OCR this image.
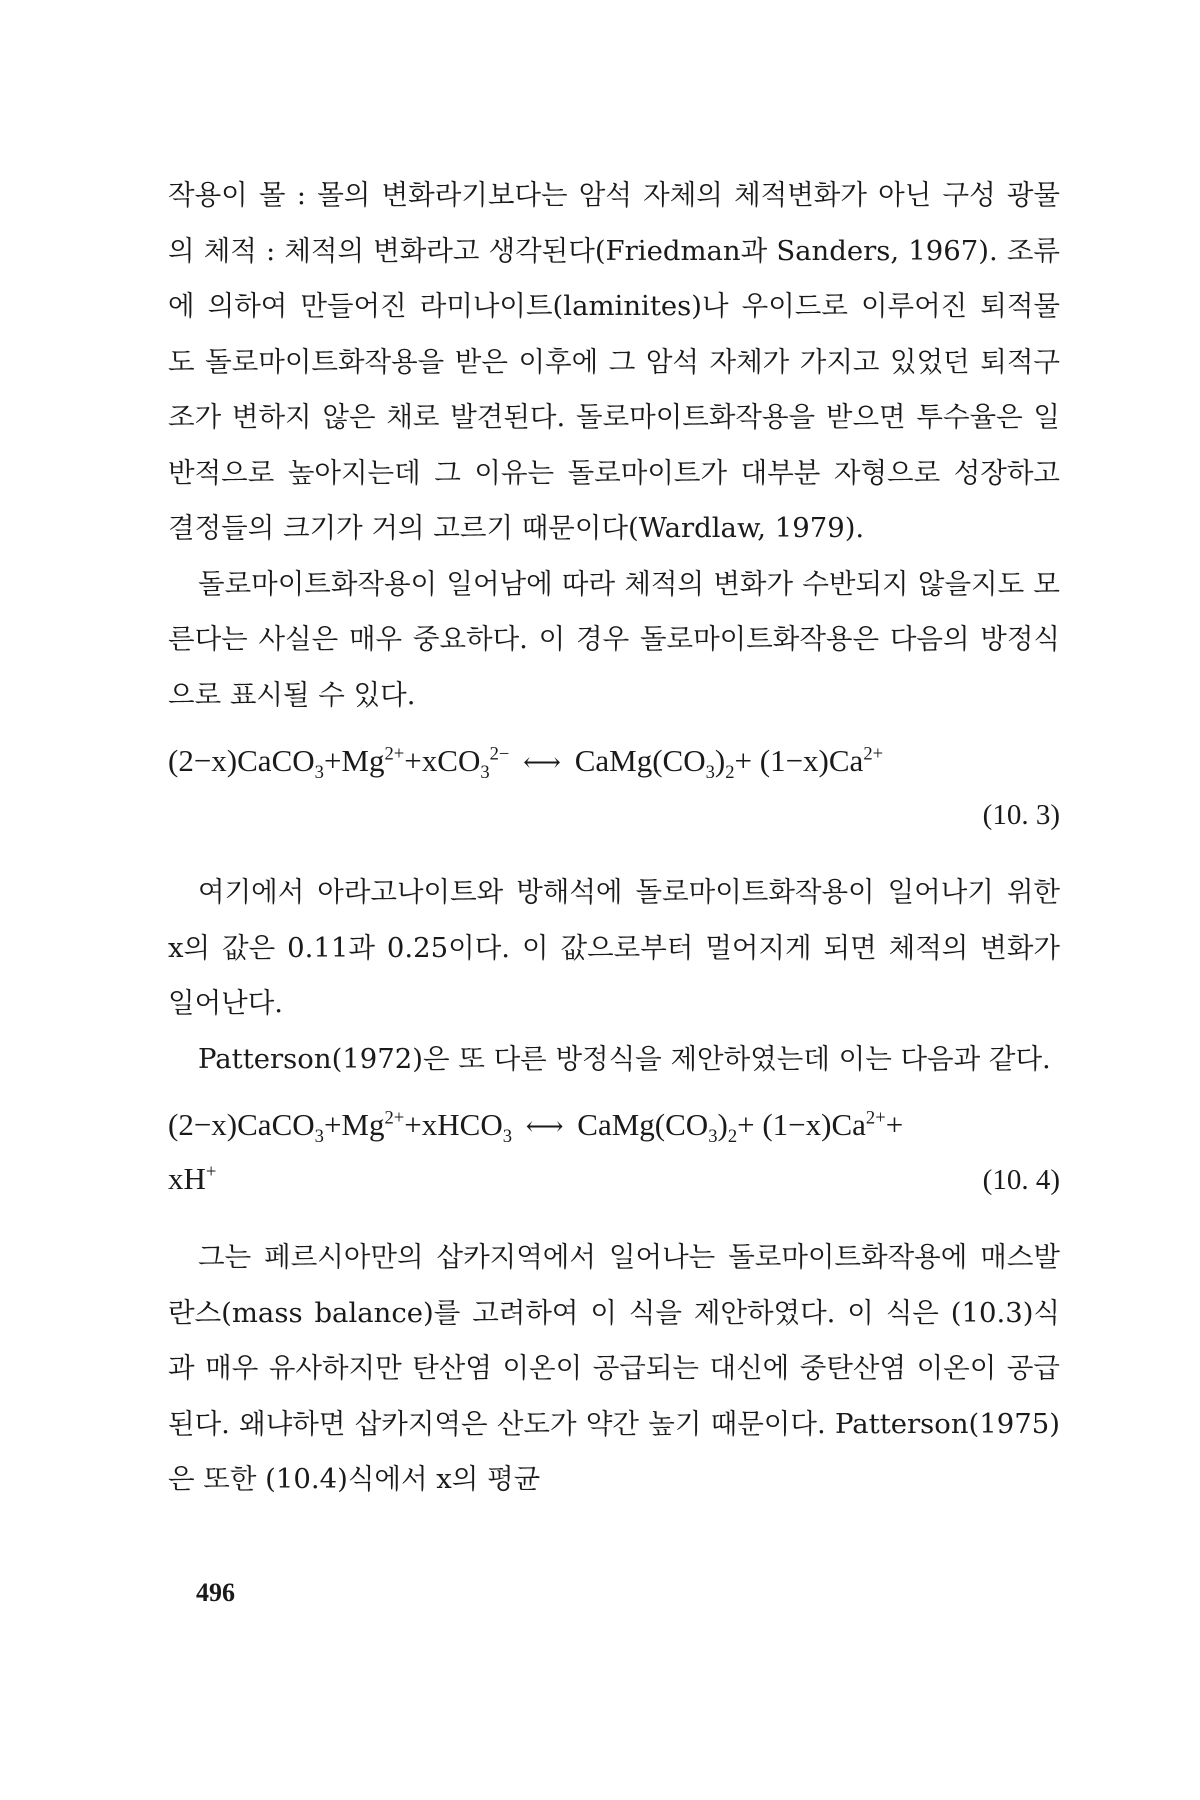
작용이 몰 : 몰의 변화라기보다는 암석 자체의 체적변화가 아닌 구성 광물의 체적 : 체적의 변화라고 생각된다(Friedman과 Sanders, 1967). 조류에 의하여 만들어진 라미나이트(laminites)나 우이드로 이루어진 퇴적물도 돌로마이트화작용을 받은 이후에 그 암석 자체가 가지고 있었던 퇴적구조가 변하지 않은 채로 발견된다. 돌로마이트화작용을 받으면 투수율은 일반적으로 높아지는데 그 이유는 돌로마이트가 대부분 자형으로 성장하고 결정들의 크기가 거의 고르기 때문이다(Wardlaw, 1979).

돌로마이트화작용이 일어남에 따라 체적의 변화가 수반되지 않을지도 모른다는 사실은 매우 중요하다. 이 경우 돌로마이트화작용은 다음의 방정식으로 표시될 수 있다.

$(2-x)CaCO_3+Mg^{2+}+xCO_3^{2-}$ ⟷ $CaMg(CO_3)_2+ (1-x)Ca^{2+}$
(10. 3)

여기에서 아라고나이트와 방해석에 돌로마이트화작용이 일어나기 위한 x의 값은 0.11과 0.25이다. 이 값으로부터 멀어지게 되면 체적의 변화가 일어난다.

Patterson(1972)은 또 다른 방정식을 제안하였는데 이는 다음과 같다.

$(2-x)CaCO_3+Mg^{2+}+xHCO_3$ ⟷ $CaMg(CO_3)_2+ (1-x)Ca^{2+}+$
xH+	(10. 4)

그는 페르시아만의 삽카지역에서 일어나는 돌로마이트화작용에 매스발란스(mass balance)를 고려하여 이 식을 제안하였다. 이 식은 (10.3)식과 매우 유사하지만 탄산염 이온이 공급되는 대신에 중탄산염 이온이 공급된다. 왜냐하면 삽카지역은 산도가 약간 높기 때문이다. Patterson(1975)은 또한 (10.4)식에서 x의 평균

496
